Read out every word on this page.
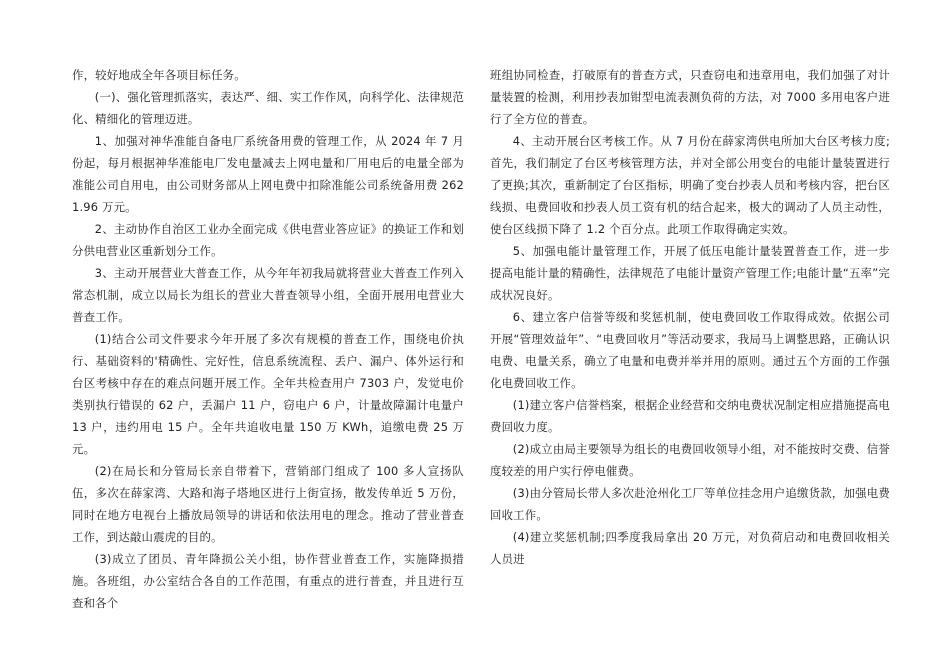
作，较好地成全年各项目标任务。

(一)、强化管理抓落实，表达严、细、实工作作风，向科学化、法律规范化、精细化的管理迈进。

1、加强对神华准能自备电厂系统备用费的管理工作，从 2024 年 7 月份起，每月根据神华准能电厂发电量减去上网电量和厂用电后的电量全部为准能公司自用电，由公司财务部从上网电费中扣除准能公司系统备用费 2621.96 万元。

2、主动协作自治区工业办全面完成《供电营业答应证》的换证工作和划分供电营业区重新划分工作。

3、主动开展营业大普查工作，从今年年初我局就将营业大普查工作列入常态机制，成立以局长为组长的营业大普查领导小组，全面开展用电营业大普查工作。

(1)结合公司文件要求今年开展了多次有规模的普查工作，围绕电价执行、基础资料的'精确性、完好性，信息系统流程、丢户、漏户、体外运行和台区考核中存在的难点问题开展工作。全年共检查用户 7303 户，发觉电价类别执行错误的 62 户，丢漏户 11 户，窃电户 6 户，计量故障漏计电量户 13 户，违约用电 15 户。全年共追收电量 150 万 KWh，追缴电费 25 万元。

(2)在局长和分管局长亲自带着下，营销部门组成了 100 多人宣扬队伍，多次在薛家湾、大路和海子塔地区进行上街宣扬，散发传单近 5 万份，同时在地方电视台上播放局领导的讲话和依法用电的理念。推动了营业普查工作，到达敲山震虎的目的。

(3)成立了团员、青年降损公关小组，协作营业普查工作，实施降损措施。各班组，办公室结合各自的工作范围，有重点的进行普查，并且进行互查和各个

班组协同检查，打破原有的普查方式，只查窃电和违章用电，我们加强了对计量装置的检测，利用抄表加钳型电流表测负荷的方法，对 7000 多用电客户进行了全方位的普查。

4、主动开展台区考核工作。从 7 月份在薛家湾供电所加大台区考核力度;首先，我们制定了台区考核管理方法，并对全部公用变台的电能计量装置进行了更换;其次，重新制定了台区指标，明确了变台抄表人员和考核内容，把台区线损、电费回收和抄表人员工资有机的结合起来，极大的调动了人员主动性，使台区线损下降了 1.2 个百分点。此项工作取得确定实效。

5、加强电能计量管理工作，开展了低压电能计量装置普查工作，进一步提高电能计量的精确性，法律规范了电能计量资产管理工作;电能计量“五率”完成状况良好。

6、建立客户信誉等级和奖惩机制，使电费回收工作取得成效。依据公司开展“管理效益年”、“电费回收月”等活动要求，我局马上调整思路，正确认识电费、电量关系，确立了电量和电费并举并用的原则。通过五个方面的工作强化电费回收工作。

(1)建立客户信誉档案，根据企业经营和交纳电费状况制定相应措施提高电费回收力度。

(2)成立由局主要领导为组长的电费回收领导小组，对不能按时交费、信誉度较差的用户实行停电催费。

(3)由分管局长带人多次赴沧州化工厂等单位挂念用户追缴货款，加强电费回收工作。

(4)建立奖惩机制;四季度我局拿出 20 万元，对负荷启动和电费回收相关人员进
